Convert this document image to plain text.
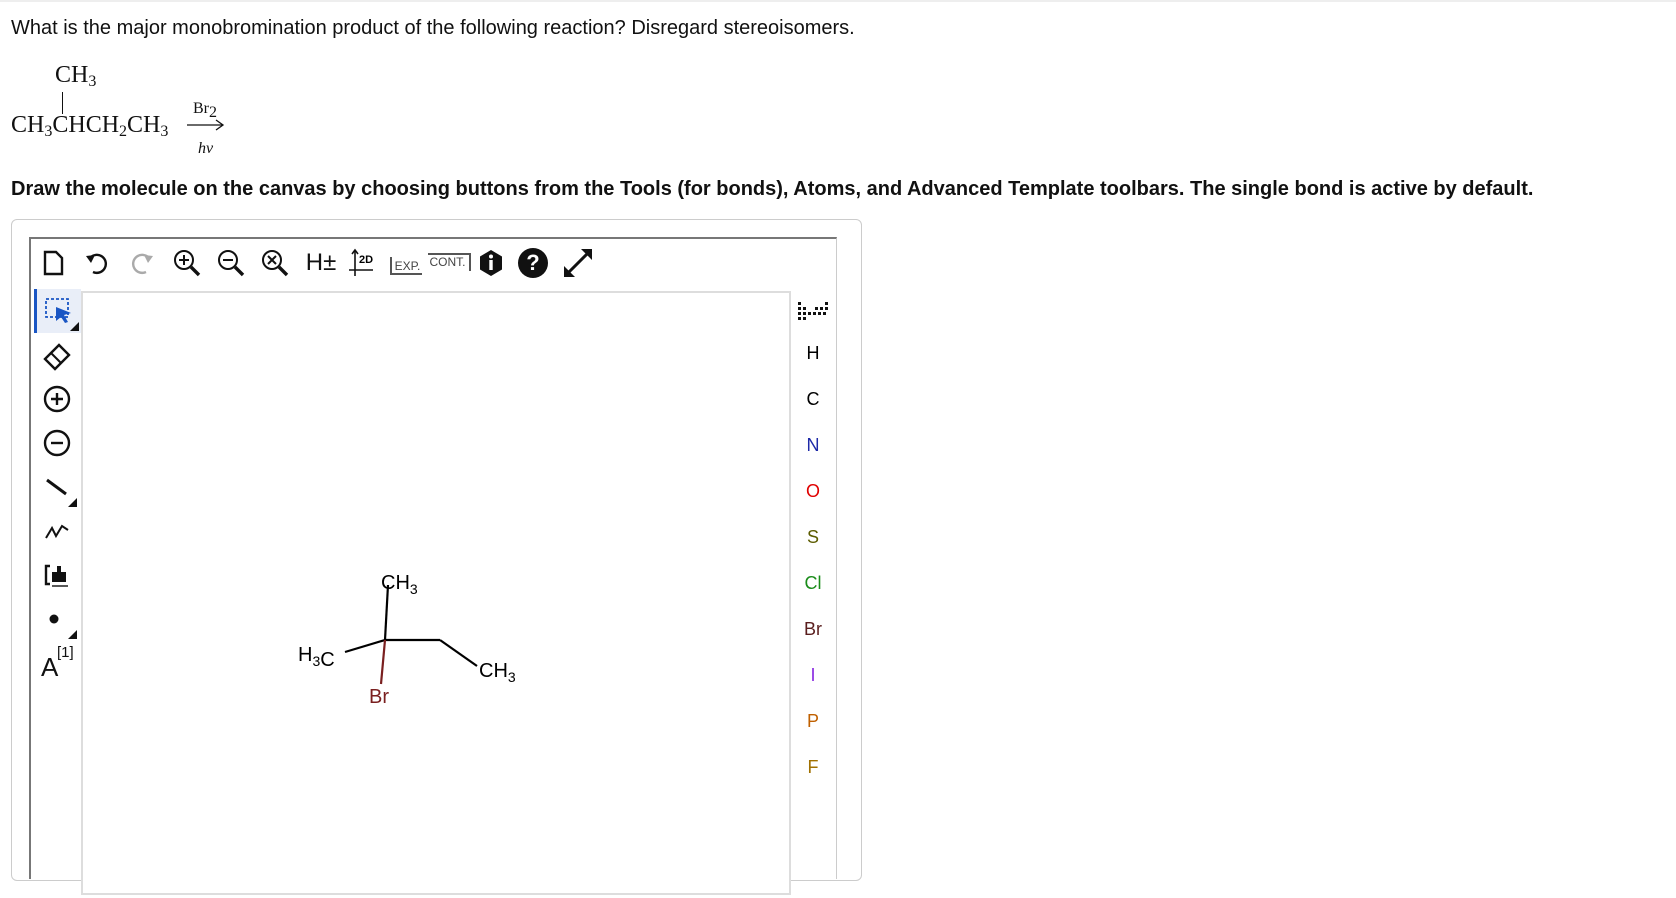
What is the major monobromination product of the following reaction? Disregard stereoisomers.
$CH_3$
$CH_3CHCH_2CH_3$
$Br_2$
hν
Draw the molecule on the canvas by choosing buttons from the Tools (for bonds), Atoms, and Advanced Template toolbars. The single bond is active by default.
H± 2D	EXP. CONT.	?
A
[1]
$CH_3$
$H_3C$	$CH_3$
Br
H
C
N
O
S
Cl
Br
I
P
F
